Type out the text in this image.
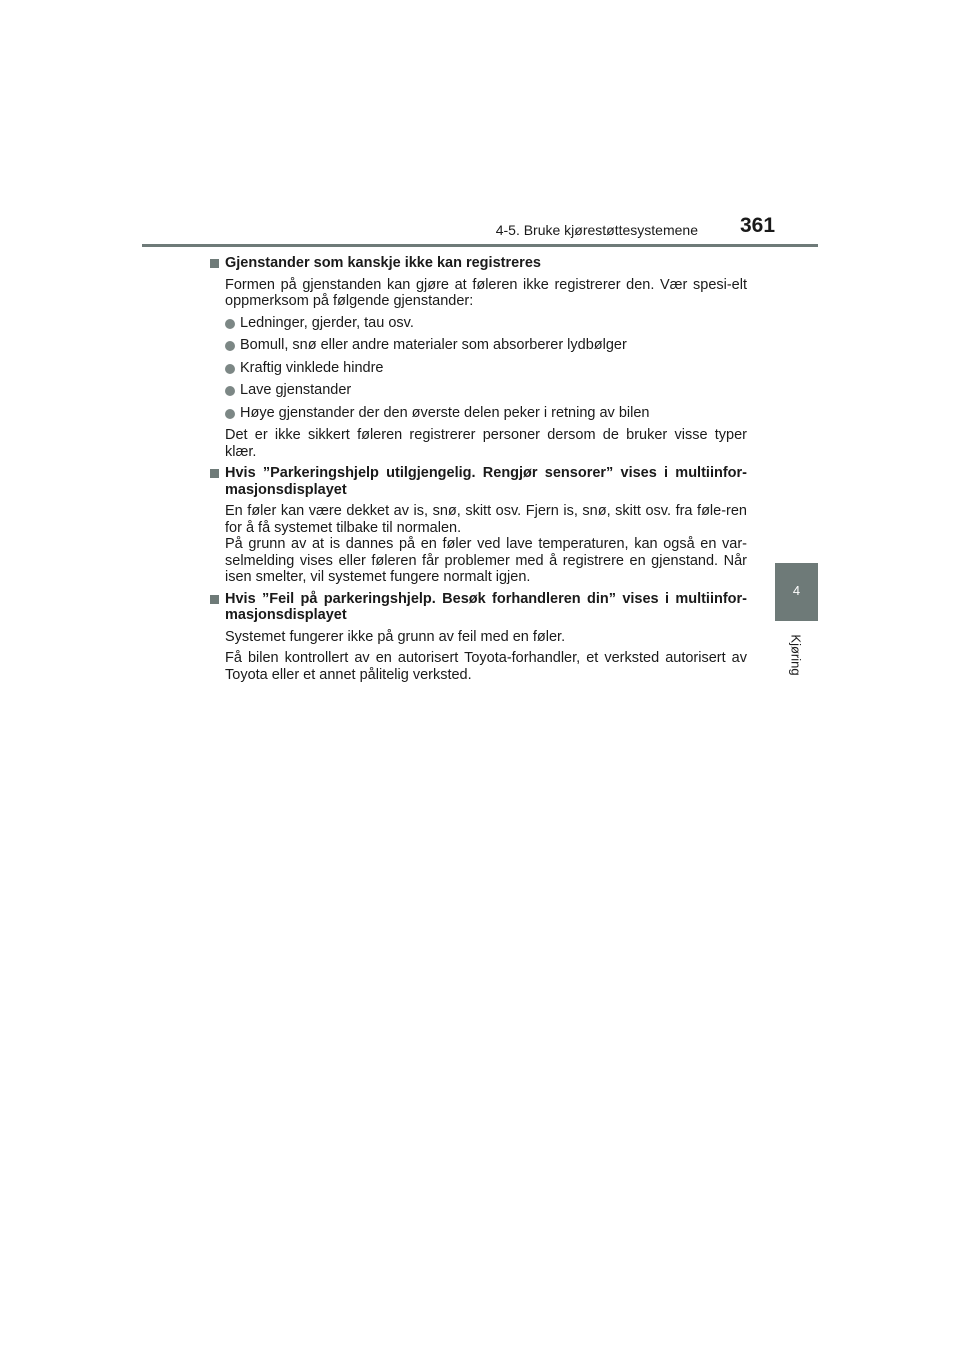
4-5. Bruke kjørestøttesystemene 361
4
Kjøring
Gjenstander som kanskje ikke kan registreres
Formen på gjenstanden kan gjøre at føleren ikke registrerer den. Vær spesi-elt oppmerksom på følgende gjenstander:
Ledninger, gjerder, tau osv.
Bomull, snø eller andre materialer som absorberer lydbølger
Kraftig vinklede hindre
Lave gjenstander
Høye gjenstander der den øverste delen peker i retning av bilen
Det er ikke sikkert føleren registrerer personer dersom de bruker visse typer klær.
Hvis ”Parkeringshjelp utilgjengelig. Rengjør sensorer” vises i multiinfor-masjonsdisplayet
En føler kan være dekket av is, snø, skitt osv. Fjern is, snø, skitt osv. fra føle-ren for å få systemet tilbake til normalen.
På grunn av at is dannes på en føler ved lave temperaturen, kan også en var-selmelding vises eller føleren får problemer med å registrere en gjenstand. Når isen smelter, vil systemet fungere normalt igjen.
Hvis ”Feil på parkeringshjelp. Besøk forhandleren din” vises i multiinfor-masjonsdisplayet
Systemet fungerer ikke på grunn av feil med en føler.
Få bilen kontrollert av en autorisert Toyota-forhandler, et verksted autorisert av Toyota eller et annet pålitelig verksted.
